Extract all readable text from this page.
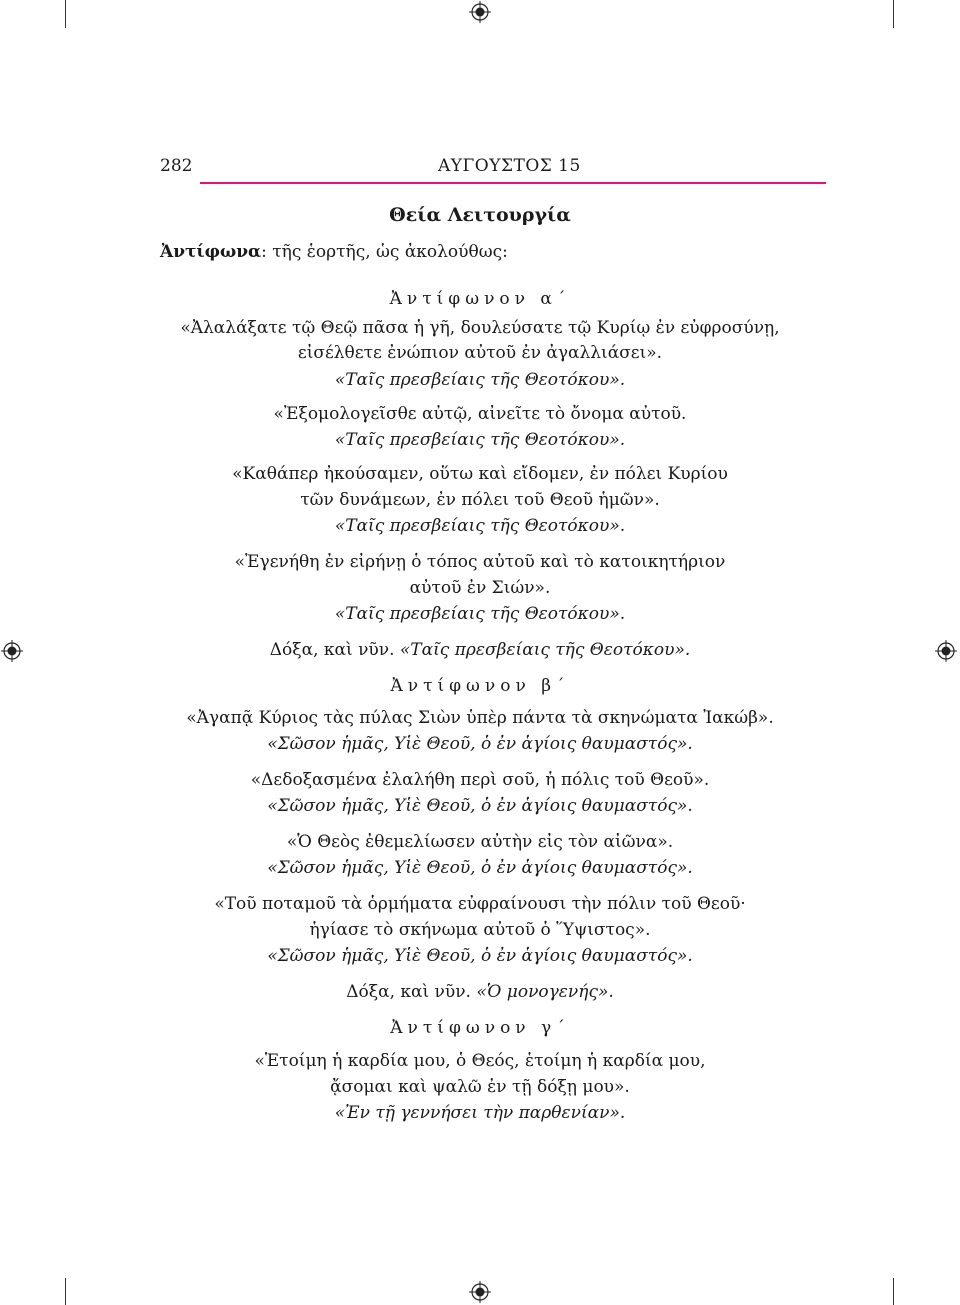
282	ΑΥΓΟΥΣΤΟΣ 15
Θεία Λειτουργία
Ἀντίφωνα: τῆς ἑορτῆς, ὡς ἀκολούθως:
Ἀντίφωνον α΄
«Ἀλαλάξατε τῷ Θεῷ πᾶσα ἡ γῆ, δουλεύσατε τῷ Κυρίῳ ἐν εὐφροσύνῃ,
εἰσέλθετε ἐνώπιον αὐτοῦ ἐν ἀγαλλιάσει».
«Ταῖς πρεσβείαις τῆς Θεοτόκου».
«Ἐξομολογεῖσθε αὐτῷ, αἰνεῖτε τὸ ὄνομα αὐτοῦ.
«Ταῖς πρεσβείαις τῆς Θεοτόκου».
«Καθάπερ ἠκούσαμεν, οὕτω καὶ εἴδομεν, ἐν πόλει Κυρίου
τῶν δυνάμεων, ἐν πόλει τοῦ Θεοῦ ἡμῶν».
«Ταῖς πρεσβείαις τῆς Θεοτόκου».
«Ἐγενήθη ἐν εἰρήνῃ ὁ τόπος αὐτοῦ καὶ τὸ κατοικητήριον
αὐτοῦ ἐν Σιών».
«Ταῖς πρεσβείαις τῆς Θεοτόκου».
Δόξα, καὶ νῦν. «Ταῖς πρεσβείαις τῆς Θεοτόκου».
Ἀντίφωνον β΄
«Ἀγαπᾷ Κύριος τὰς πύλας Σιὼν ὑπὲρ πάντα τὰ σκηνώματα Ἰακώβ».
«Σῶσον ἡμᾶς, Υἱὲ Θεοῦ, ὁ ἐν ἁγίοις θαυμαστός».
«Δεδοξασμένα ἐλαλήθη περὶ σοῦ, ἡ πόλις τοῦ Θεοῦ».
«Σῶσον ἡμᾶς, Υἱὲ Θεοῦ, ὁ ἐν ἁγίοις θαυμαστός».
«Ὁ Θεὸς ἐθεμελίωσεν αὐτὴν εἰς τὸν αἰῶνα».
«Σῶσον ἡμᾶς, Υἱὲ Θεοῦ, ὁ ἐν ἁγίοις θαυμαστός».
«Τοῦ ποταμοῦ τὰ ὁρμήματα εὐφραίνουσι τὴν πόλιν τοῦ Θεοῦ·
ἡγίασε τὸ σκήνωμα αὐτοῦ ὁ Ὕψιστος».
«Σῶσον ἡμᾶς, Υἱὲ Θεοῦ, ὁ ἐν ἁγίοις θαυμαστός».
Δόξα, καὶ νῦν. «Ὁ μονογενής».
Ἀντίφωνον γ΄
«Ἑτοίμη ἡ καρδία μου, ὁ Θεός, ἑτοίμη ἡ καρδία μου,
ᾄσομαι καὶ ψαλῶ ἐν τῇ δόξῃ μου».
«Ἐν τῇ γεννήσει τὴν παρθενίαν».
